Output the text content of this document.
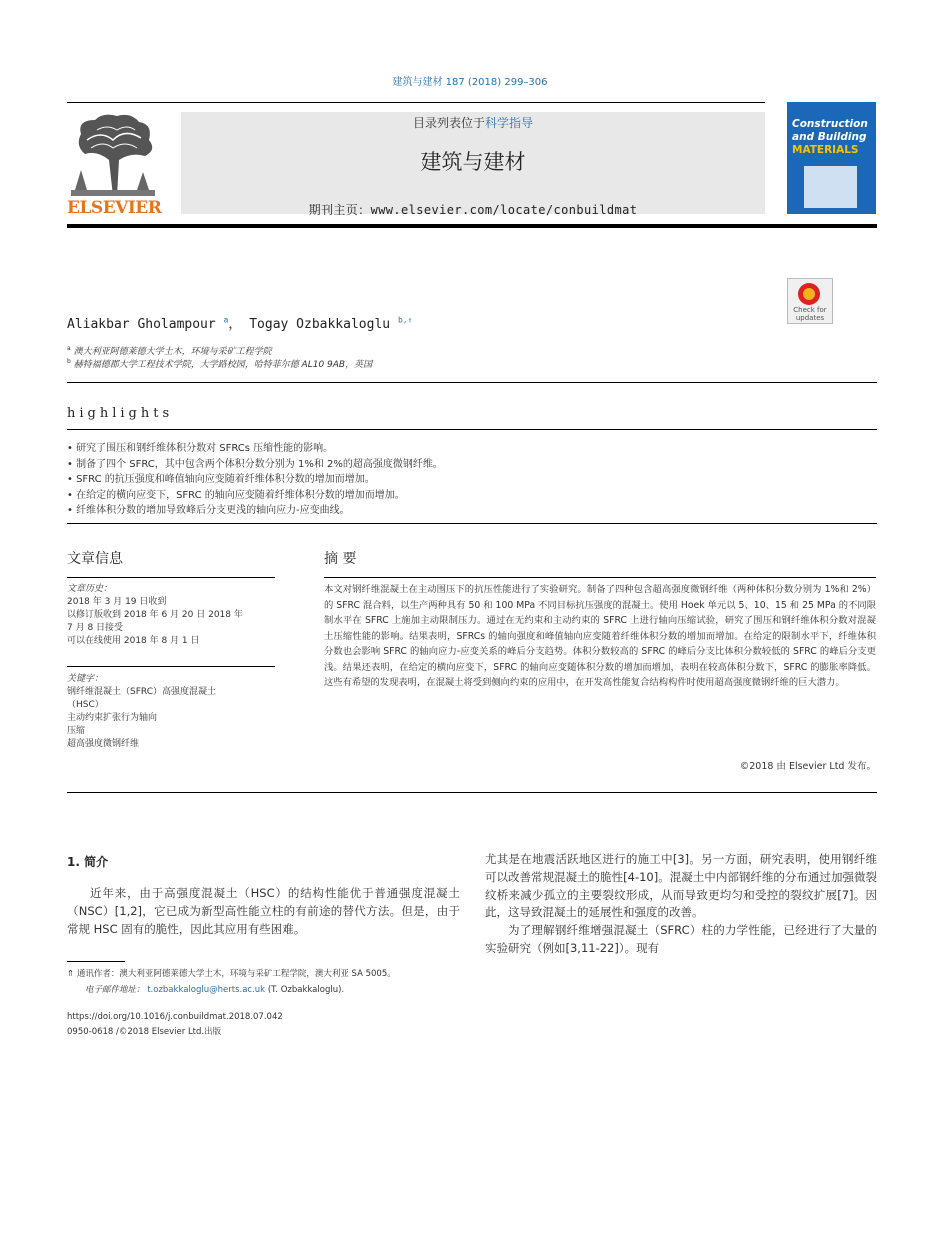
建筑与建材 187 (2018) 299–306
ELSEVIER
目录列表位于科学指导
建筑与建材
期刊主页：www.elsevier.com/locate/conbuildmat
Construction
and Building
MATERIALS
Check for updates
Aliakbar Gholampour $^a$， Togay Ozbakkaloglu $^{b,⇑}$
$^a$ 澳大利亚阿德莱德大学土木，环境与采矿工程学院
$^b$ 赫特福德郡大学工程技术学院，大学路校园，哈特菲尔德 AL10 9AB，英国
highlights
• 研究了围压和钢纤维体积分数对 SFRCs 压缩性能的影响。
• 制备了四个 SFRC，其中包含两个体积分数分别为 1%和 2%的超高强度微钢纤维。
• SFRC 的抗压强度和峰值轴向应变随着纤维体积分数的增加而增加。
• 在给定的横向应变下，SFRC 的轴向应变随着纤维体积分数的增加而增加。
• 纤维体积分数的增加导致峰后分支更浅的轴向应力-应变曲线。
文章信息
文章历史：
2018 年 3 月 19 日收到
以修订版收到 2018 年 6 月 20 日 2018 年
7 月 8 日接受
可以在线使用 2018 年 8 月 1 日
关键字：
钢纤维混凝土（SFRC）高强度混凝土
（HSC）
主动约束扩张行为轴向
压缩
超高强度微钢纤维
摘 要
本文对钢纤维混凝土在主动围压下的抗压性能进行了实验研究。制备了四种包含超高强度微钢纤维（两种体积分数分别为 1%和 2%）的 SFRC 混合料，以生产两种具有 50 和 100 MPa 不同目标抗压强度的混凝土。使用 Hoek 单元以 5、10、15 和 25 MPa 的不同限制水平在 SFRC 上施加主动限制压力。通过在无约束和主动约束的 SFRC 上进行轴向压缩试验，研究了围压和钢纤维体积分数对混凝土压缩性能的影响。结果表明，SFRCs 的轴向强度和峰值轴向应变随着纤维体积分数的增加而增加。在给定的限制水平下，纤维体积分数也会影响 SFRC 的轴向应力-应变关系的峰后分支趋势。体积分数较高的 SFRC 的峰后分支比体积分数较低的 SFRC 的峰后分支更浅。结果还表明，在给定的横向应变下，SFRC 的轴向应变随体积分数的增加而增加，表明在较高体积分数下，SFRC 的膨胀率降低。这些有希望的发现表明，在混凝土将受到侧向约束的应用中，在开发高性能复合结构构件时使用超高强度微钢纤维的巨大潜力。
©2018 由 Elsevier Ltd 发布。
1. 简介
近年来，由于高强度混凝土（HSC）的结构性能优于普通强度混凝土（NSC）[1,2]，它已成为新型高性能立柱的有前途的替代方法。但是，由于常规 HSC 固有的脆性，因此其应用有些困难。
尤其是在地震活跃地区进行的施工中[3]。另一方面，研究表明，使用钢纤维可以改善常规混凝土的脆性[4-10]。混凝土中内部钢纤维的分布通过加强微裂纹桥来减少孤立的主要裂纹形成，从而导致更均匀和受控的裂纹扩展[7]。因此，这导致混凝土的延展性和强度的改善。
为了理解钢纤维增强混凝土（SFRC）柱的力学性能，已经进行了大量的实验研究（例如[3,11-22]）。现有
⇑ 通讯作者：澳大利亚阿德莱德大学土木，环境与采矿工程学院，澳大利亚 SA 5005。
电子邮件地址： t.ozbakkaloglu@herts.ac.uk (T. Ozbakkaloglu).
https://doi.org/10.1016/j.conbuildmat.2018.07.042
0950-0618 /©2018 Elsevier Ltd.出版
